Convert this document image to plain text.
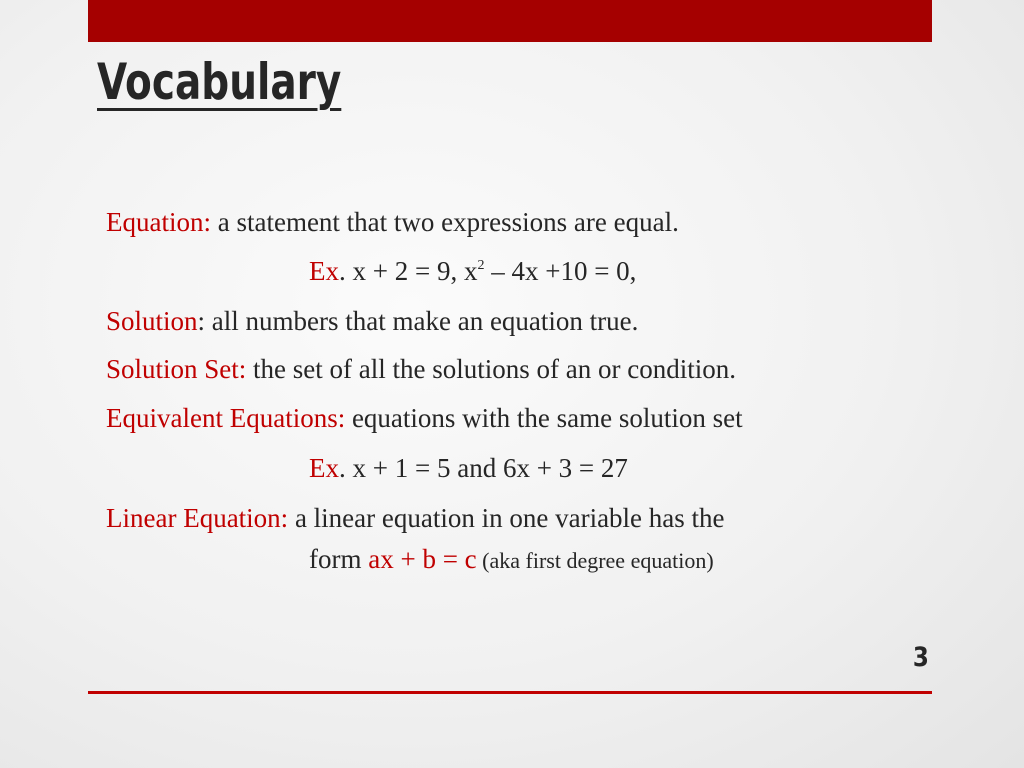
Vocabulary
Equation: a statement that two expressions are equal.
Ex. x + 2 = 9, $x^2 - 4x +10 = 0$,
Solution: all numbers that make an equation true.
Solution Set: the set of all the solutions of an or condition.
Equivalent Equations: equations with the same solution set
Ex. x + 1 = 5 and 6x + 3 = 27
Linear Equation: a linear equation in one variable has the
form ax + b = c (aka first degree equation)
3
